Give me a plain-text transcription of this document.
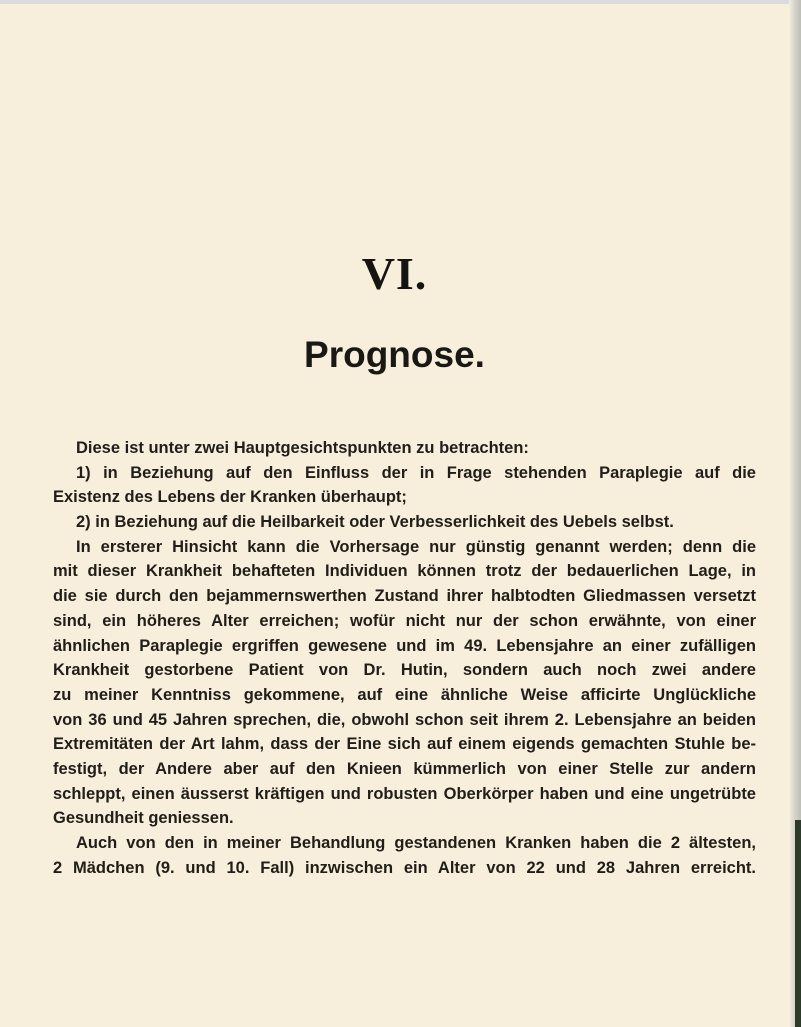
VI.
Prognose.
Diese ist unter zwei Hauptgesichtspunkten zu betrachten:
1) in Beziehung auf den Einfluss der in Frage stehenden Paraplegie auf die
Existenz des Lebens der Kranken überhaupt;
2) in Beziehung auf die Heilbarkeit oder Verbesserlichkeit des Uebels selbst.
In ersterer Hinsicht kann die Vorhersage nur günstig genannt werden; denn die
mit dieser Krankheit behafteten Individuen können trotz der bedauerlichen Lage, in
die sie durch den bejammernswerthen Zustand ihrer halbtodten Gliedmassen versetzt
sind, ein höheres Alter erreichen; wofür nicht nur der schon erwähnte, von einer
ähnlichen Paraplegie ergriffen gewesene und im 49. Lebensjahre an einer zufälligen
Krankheit gestorbene Patient von Dr. Hutin, sondern auch noch zwei andere
zu meiner Kenntniss gekommene, auf eine ähnliche Weise afficirte Unglückliche
von 36 und 45 Jahren sprechen, die, obwohl schon seit ihrem 2. Lebensjahre an beiden
Extremitäten der Art lahm, dass der Eine sich auf einem eigends gemachten Stuhle be-
festigt, der Andere aber auf den Knieen kümmerlich von einer Stelle zur andern
schleppt, einen äusserst kräftigen und robusten Oberkörper haben und eine ungetrübte
Gesundheit geniessen.
Auch von den in meiner Behandlung gestandenen Kranken haben die 2 ältesten,
2 Mädchen (9. und 10. Fall) inzwischen ein Alter von 22 und 28 Jahren erreicht.
